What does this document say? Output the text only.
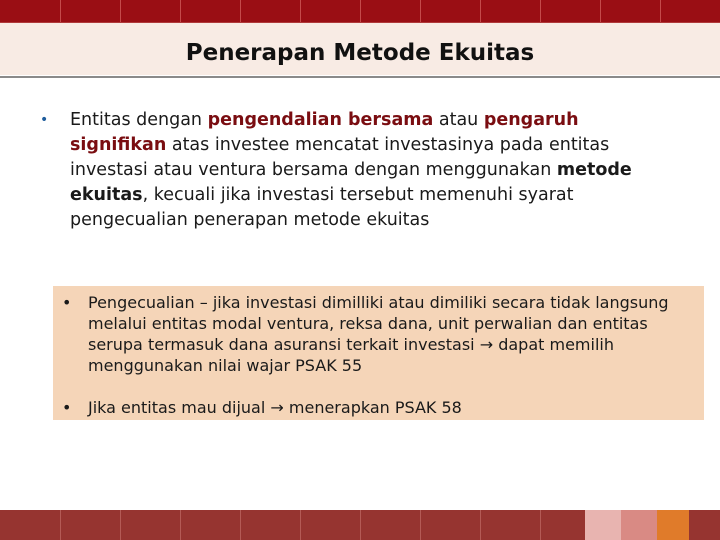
Penerapan Metode Ekuitas
• Entitas dengan pengendalian bersama atau pengaruh signifikan atas investee mencatat investasinya pada entitas investasi atau ventura bersama dengan menggunakan metode ekuitas, kecuali jika investasi tersebut memenuhi syarat pengecualian penerapan metode ekuitas
• Pengecualian – jika investasi dimilliki atau dimiliki secara tidak langsung melalui entitas modal ventura, reksa dana, unit perwalian dan entitas serupa termasuk dana asuransi terkait investasi → dapat memilih menggunakan nilai wajar PSAK 55
• Jika entitas mau dijual → menerapkan PSAK 58
